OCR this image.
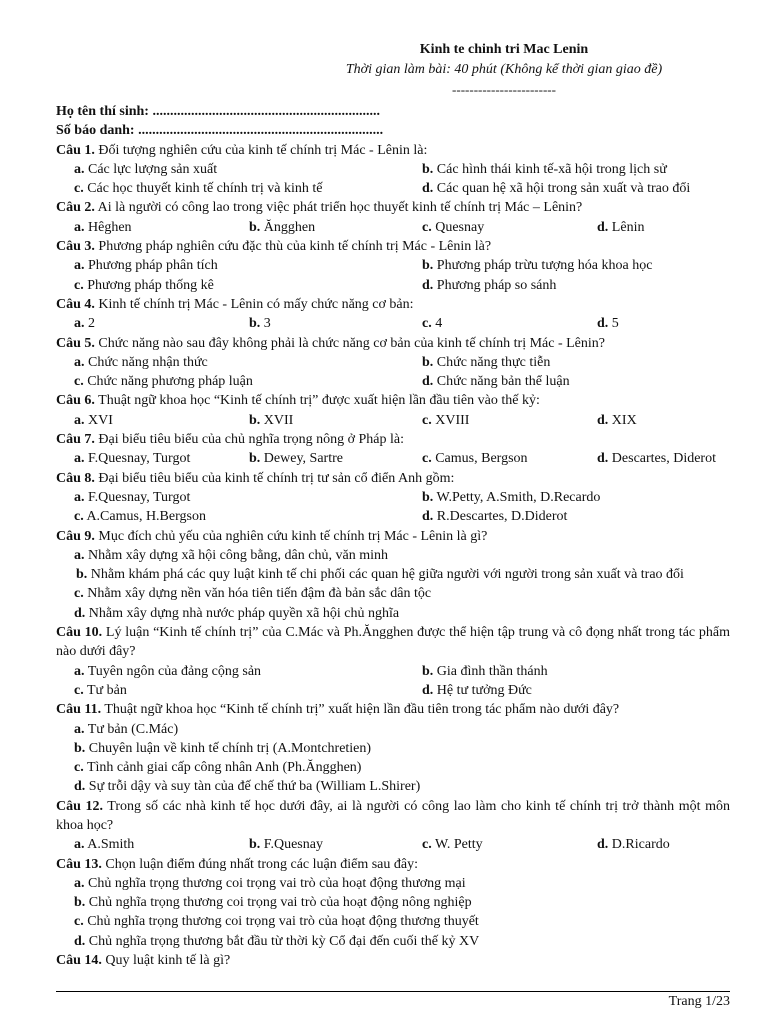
Kinh te chinh tri Mac Lenin
Thời gian làm bài: 40 phút (Không kể thời gian giao đề)
------------------------
Họ tên thí sinh: .................................................................
Số báo danh: ......................................................................
Câu 1. Đối tượng nghiên cứu của kinh tế chính trị Mác - Lênin là:
a. Các lực lượng sản xuất	b. Các hình thái kinh tế-xã hội trong lịch sử
c. Các học thuyết kinh tế chính trị và kinh tế	d. Các quan hệ xã hội trong sản xuất và trao đổi
Câu 2. Ai là người có công lao trong việc phát triển học thuyết kinh tế chính trị Mác – Lênin?
a. Hêghen	b. Ăngghen	c. Quesnay	d. Lênin
Câu 3. Phương pháp nghiên cứu đặc thù của kinh tế chính trị Mác - Lênin là?
a. Phương pháp phân tích	b. Phương pháp trừu tượng hóa khoa học
c. Phương pháp thống kê	d. Phương pháp so sánh
Câu 4. Kinh tế chính trị Mác - Lênin có mấy chức năng cơ bản:
a. 2	b. 3	c. 4	d. 5
Câu 5. Chức năng nào sau đây không phải là chức năng cơ bản của kinh tế chính trị Mác - Lênin?
a. Chức năng nhận thức	b. Chức năng thực tiễn
c. Chức năng phương pháp luận	d. Chức năng bản thể luận
Câu 6. Thuật ngữ khoa học “Kinh tế chính trị” được xuất hiện lần đầu tiên vào thế kỷ:
a. XVI	b. XVII	c. XVIII	d. XIX
Câu 7. Đại biểu tiêu biểu của chủ nghĩa trọng nông ở Pháp là:
a. F.Quesnay, Turgot	b. Dewey, Sartre	c. Camus, Bergson	d. Descartes, Diderot
Câu 8. Đại biểu tiêu biểu của kinh tế chính trị tư sản cổ điển Anh gồm:
a. F.Quesnay, Turgot	b. W.Petty, A.Smith, D.Recardo
c. A.Camus, H.Bergson	d. R.Descartes, D.Diderot
Câu 9. Mục đích chủ yếu của nghiên cứu kinh tế chính trị Mác - Lênin là gì?
a. Nhằm xây dựng xã hội công bằng, dân chủ, văn minh
b. Nhằm khám phá các quy luật kinh tế chi phối các quan hệ giữa người với người trong sản xuất và trao đổi
c. Nhằm xây dựng nền văn hóa tiên tiến đậm đà bản sắc dân tộc
d. Nhằm xây dựng nhà nước pháp quyền xã hội chủ nghĩa
Câu 10. Lý luận “Kinh tế chính trị” của C.Mác và Ph.Ăngghen được thể hiện tập trung và cô đọng nhất trong tác phẩm nào dưới đây?
a. Tuyên ngôn của đảng cộng sản	b. Gia đình thần thánh
c. Tư bản	d. Hệ tư tưởng Đức
Câu 11. Thuật ngữ khoa học “Kinh tế chính trị” xuất hiện lần đầu tiên trong tác phẩm nào dưới đây?
a. Tư bản (C.Mác)
b. Chuyên luận về kinh tế chính trị (A.Montchretien)
c. Tình cảnh giai cấp công nhân Anh (Ph.Ăngghen)
d. Sự trỗi dậy và suy tàn của đế chế thứ ba (William L.Shirer)
Câu 12. Trong số các nhà kinh tế học dưới đây, ai là người có công lao làm cho kinh tế chính trị trở thành một môn khoa học?
a. A.Smith	b. F.Quesnay	c. W. Petty	d. D.Ricardo
Câu 13. Chọn luận điểm đúng nhất trong các luận điểm sau đây:
a. Chủ nghĩa trọng thương coi trọng vai trò của hoạt động thương mại
b. Chủ nghĩa trọng thương coi trọng vai trò của hoạt động nông nghiệp
c. Chủ nghĩa trọng thương coi trọng vai trò của hoạt động thương thuyết
d. Chủ nghĩa trọng thương bắt đầu từ thời kỳ Cổ đại đến cuối thế kỷ XV
Câu 14. Quy luật kinh tế là gì?
Trang 1/23
